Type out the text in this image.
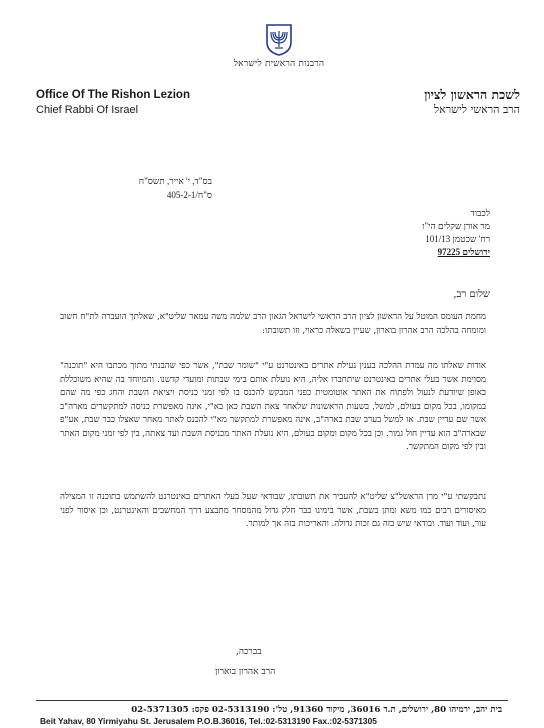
הרבנות הראשית לישראל
Office Of The Rishon Lezion
Chief Rabbi Of Israel
לשכת הראשון לציון
הרב הראשי לישראל
בס"ד, י' אייר, תשס"ח
ס"ח/405-2-1
לכבוד
מר אורן שקלים הי"ו
רח' שכטמן 101/13
ירושלים 97225
שלום רב,
מחמת העומס המוטל על הראשון לציון הרב הראשי לישראל הגאון הרב שלמה משה עמאר שליט"א, שאלתך הועברה לת"ח חשוב ומומחה בהלכה הרב אהרון בוארון, שעיין בשאלה כראוי, וזו תשובתו:
אודות שאלתו מה עמדת ההלכה בענין נעילת אתרים באינטרנט ע"י "שומר שבת", אשר כפי שהבנתי מתוך מכתבו היא "תוכנה" מסוימת אשר בעלי אתרים באינטרנט שיתחברו אליה, היא נועלת אותם בימי שבתות ומועדי קדשנו. והמיוחד בה שהיא משוכללת באופן שיודעת לנעול ולפתוח את האתר אוטומטית כפני המבקש להכנס בו לפי זמני כניסת ויציאת השבת והחג כפי מה שהם במקומו, בכל מקום בעולם, למשל, בשעות הראשונות שלאחר צאת השבת כאן בא"י, אינה מאפשרת כניסה למתקשרים מארה"ב אשר שם עדיין שבת. או למשל בערב שבת בארה"ב, אינה מאפשרת למתקשר מא"י להכנס לאתר מאחר שאצלו כבר שבת, אע"פ שבארה"ב הוא עדיין חול גמור. וכן בכל מקום ומקום בעולם, היא נועלת האתר מכניסת השבת ועד צאתה, בין לפי זמני מקום האתר ובין לפי מקום המתקשר.
נתבקשתי ע"י מרן הראשל"צ שליט"א להעביר את תשובתו, שבודאי שעל בעלי האתרים באינטרנט להשתמש בתוכנה זו המצילה מאיסורים רבים כמו משא ומתן בשבת, אשר בימינו כבר חלק גדול מהמסחר מתבצע דרך המחשבים והאינטרנט, וכן איסור לפני עור, ועוד ועוד. ובודאי שיש בזה גם זכות גדולה. והאריכות בזה אך למותר.
בברכה,
הרב אהרון בוארון
בית יהב, ירמיהו 80, ירושלים, ת.ד 36016, מיקוד 91360, טל': 02-5313190 פקס: 02-5371305
Beit Yahav, 80 Yirmiyahu St. Jerusalem P.O.B.36016, Tel.:02-5313190 Fax.:02-5371305
